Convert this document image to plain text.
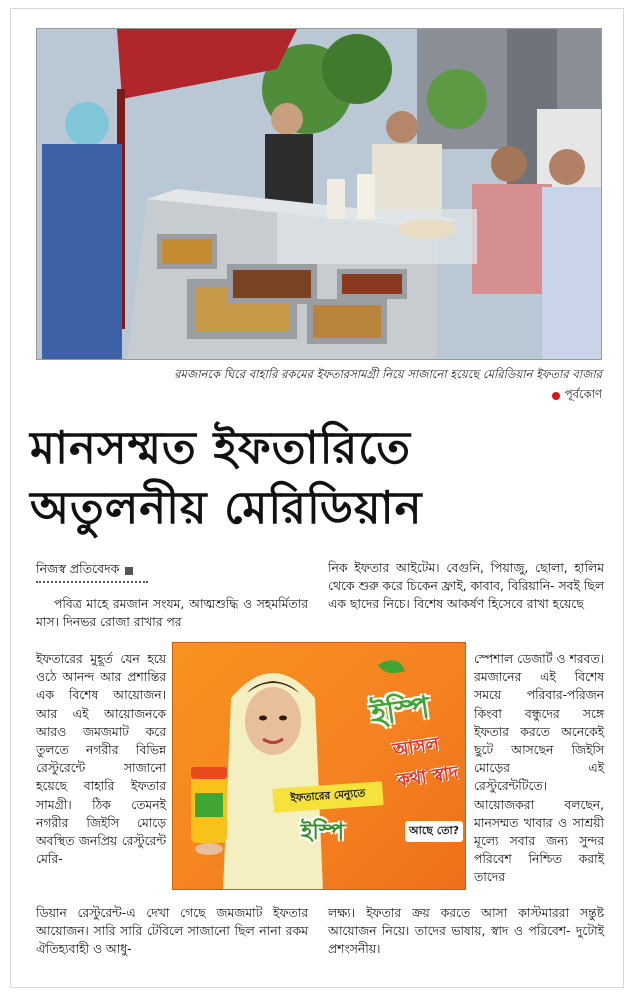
রমজানকে ঘিরে বাহারি রকমের ইফতারসামগ্রী নিয়ে সাজানো হয়েছে মেরিডিয়ান ইফতার বাজার
পূর্বকোণ
মানসম্মত ইফতারিতে
অতুলনীয় মেরিডিয়ান
নিজস্ব প্রতিবেদক

পবিত্র মাহে রমজান সংযম, আত্মশুদ্ধি ও সহমর্মিতার মাস। দিনভর রোজা রাখার পর

ইফতারের মুহূর্ত যেন হয়ে ওঠে আনন্দ আর প্রশান্তির এক বিশেষ আয়োজন। আর এই আয়োজনকে আরও জমজমাট করে তুলতে নগরীর বিভিন্ন রেস্টুরেন্টে সাজানো হয়েছে বাহারি ইফতার সামগ্রী। ঠিক তেমনই নগরীর জিইসি মোড়ে অবস্থিত জনপ্রিয় রেস্টুরেন্ট মেরি-

ডিয়ান রেস্টুরেন্ট-এ দেখা গেছে জমজমাট ইফতার আয়োজন। সারি সারি টেবিলে সাজানো ছিল নানা রকম ঐতিহ্যবাহী ও আধু-

নিক ইফতার আইটেম। বেগুনি, পিয়াজু, ছোলা, হালিম থেকে শুরু করে চিকেন ফ্রাই, কাবাব, বিরিয়ানি- সবই ছিল এক ছাদের নিচে। বিশেষ আকর্ষণ হিসেবে রাখা হয়েছে

স্পেশাল ডেজার্ট ও শরবত। রমজানের এই বিশেষ সময়ে পরিবার-পরিজন কিংবা বন্ধুদের সঙ্গে ইফতার করতে অনেকেই ছুটে আসছেন জিইসি মোড়ের এই রেস্টুরেন্টটিতে। আয়োজকরা বলছেন, মানসম্মত খাবার ও সাশ্রয়ী মূল্যে সবার জন্য সুন্দর পরিবেশ নিশ্চিত করাই তাদের

লক্ষ্য। ইফতার ক্রয় করতে আসা কাস্টমাররা সন্তুষ্ট আয়োজন নিয়ে। তাদের ভাষায়, স্বাদ ও পরিবেশ- দুটোই প্রশংসনীয়।

ইস্পি
আসল কথা স্বাদ
ইফতারের মেন্যুতে
ইস্পি	আছে তো?
